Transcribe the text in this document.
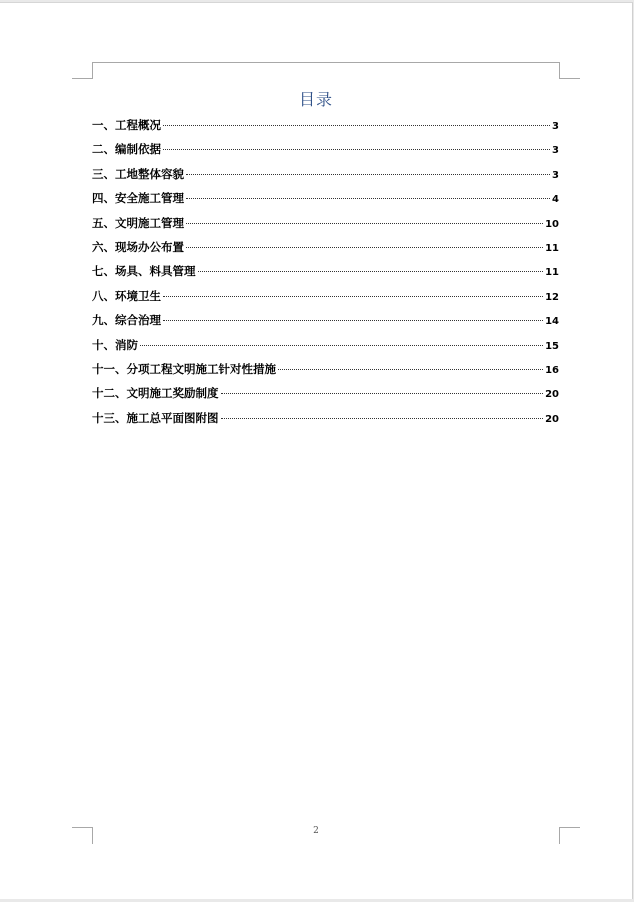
目录
一、工程概况	3
二、编制依据	3
三、工地整体容貌	3
四、安全施工管理	4
五、文明施工管理	10
六、现场办公布置	11
七、场具、料具管理	11
八、环境卫生	12
九、综合治理	14
十、消防	15
十一、分项工程文明施工针对性措施	16
十二、文明施工奖励制度	20
十三、施工总平面图附图	20
2
